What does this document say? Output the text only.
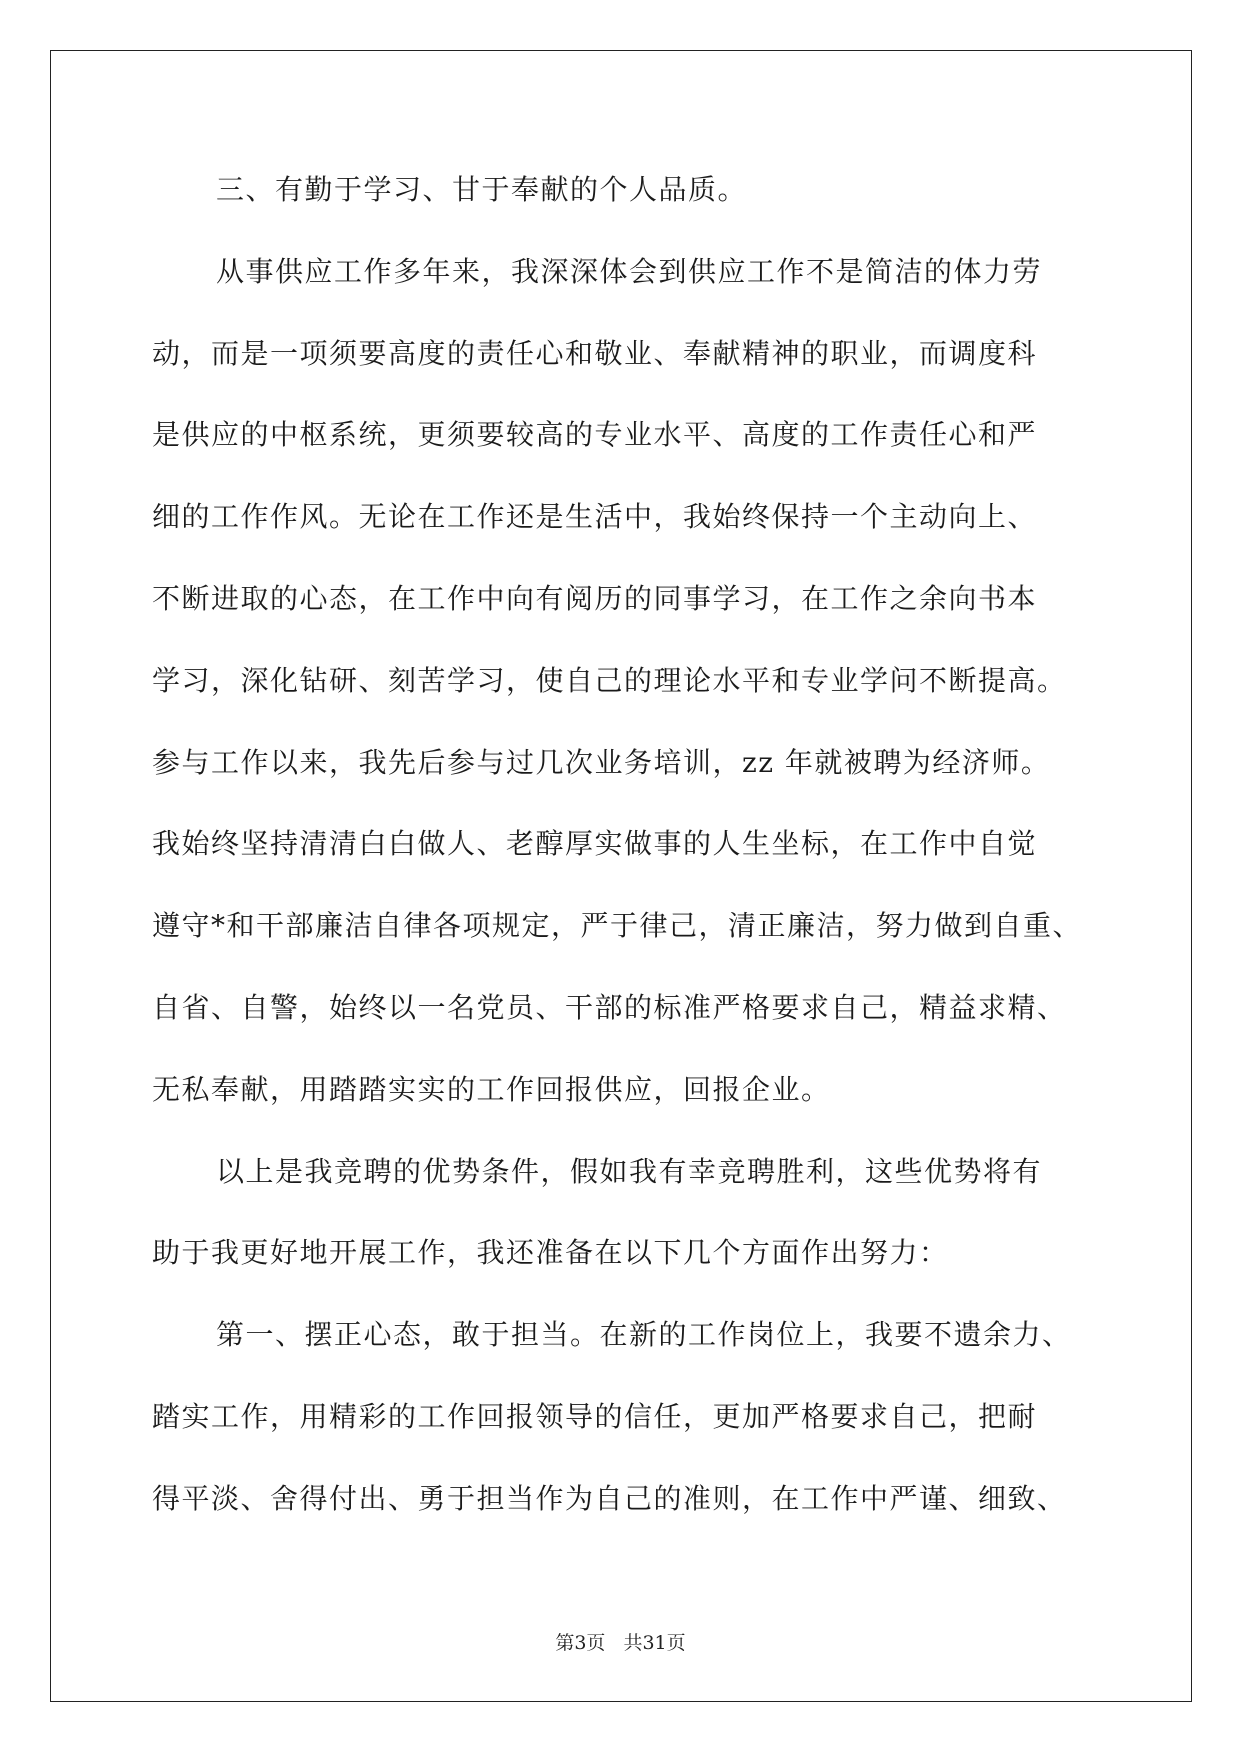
三、有勤于学习、甘于奉献的个人品质。
从事供应工作多年来，我深深体会到供应工作不是简洁的体力劳
动，而是一项须要高度的责任心和敬业、奉献精神的职业，而调度科
是供应的中枢系统，更须要较高的专业水平、高度的工作责任心和严
细的工作作风。无论在工作还是生活中，我始终保持一个主动向上、
不断进取的心态，在工作中向有阅历的同事学习，在工作之余向书本
学习，深化钻研、刻苦学习，使自己的理论水平和专业学问不断提高。
参与工作以来，我先后参与过几次业务培训，zz 年就被聘为经济师。
我始终坚持清清白白做人、老醇厚实做事的人生坐标，在工作中自觉
遵守*和干部廉洁自律各项规定，严于律己，清正廉洁，努力做到自重、
自省、自警，始终以一名党员、干部的标准严格要求自己，精益求精、
无私奉献，用踏踏实实的工作回报供应，回报企业。
以上是我竞聘的优势条件，假如我有幸竞聘胜利，这些优势将有
助于我更好地开展工作，我还准备在以下几个方面作出努力：
第一、摆正心态，敢于担当。在新的工作岗位上，我要不遗余力、
踏实工作，用精彩的工作回报领导的信任，更加严格要求自己，把耐
得平淡、舍得付出、勇于担当作为自己的准则，在工作中严谨、细致、
第3页 共31页
